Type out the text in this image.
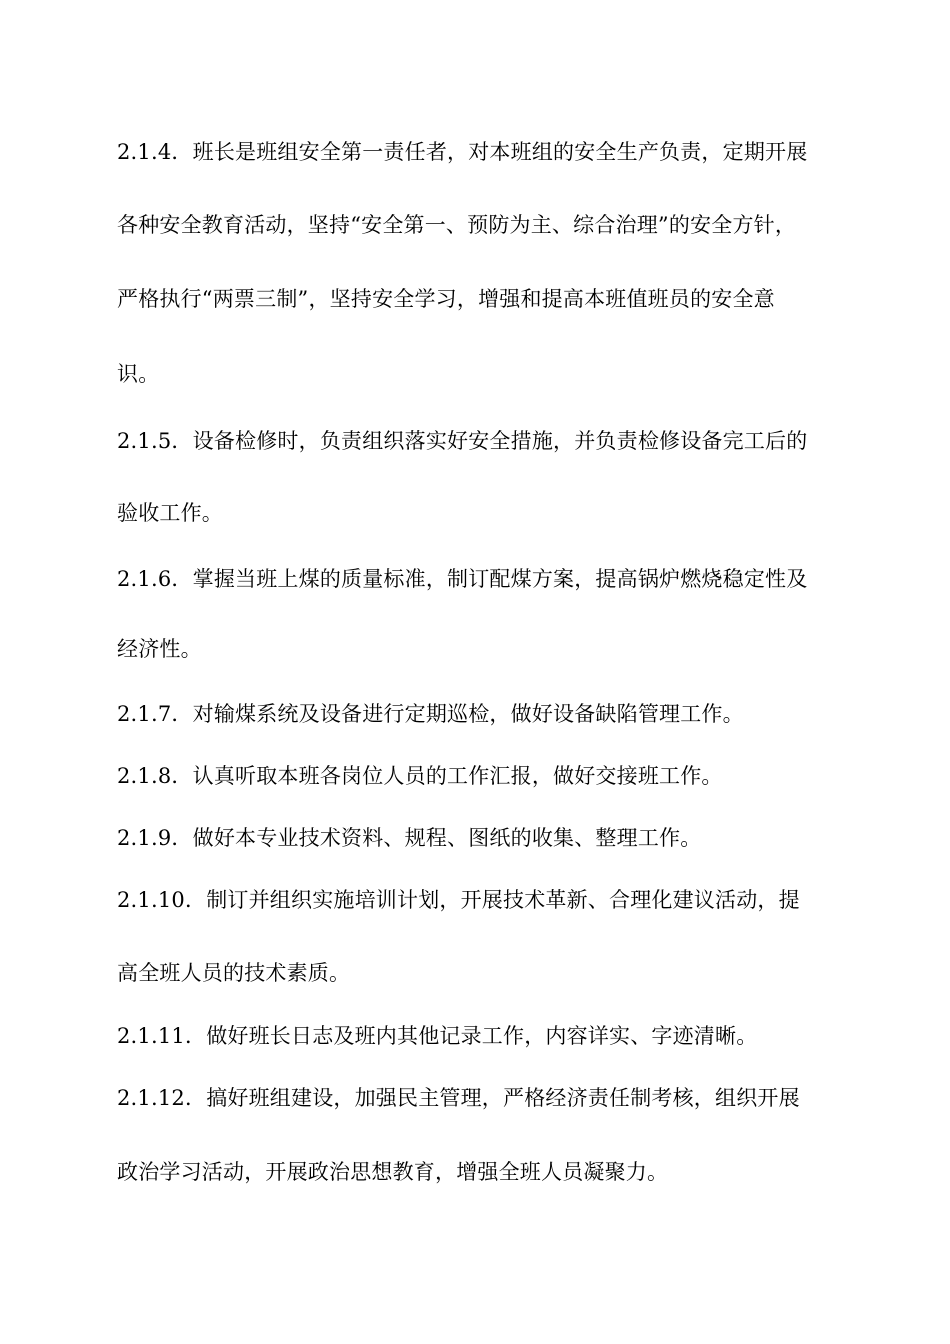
2.1.4．班长是班组安全第一责任者，对本班组的安全生产负责，定期开展
各种安全教育活动，坚持“安全第一、预防为主、综合治理”的安全方针，
严格执行“两票三制”，坚持安全学习，增强和提高本班值班员的安全意
识。
2.1.5．设备检修时，负责组织落实好安全措施，并负责检修设备完工后的
验收工作。
2.1.6．掌握当班上煤的质量标准，制订配煤方案，提高锅炉燃烧稳定性及
经济性。
2.1.7．对输煤系统及设备进行定期巡检，做好设备缺陷管理工作。
2.1.8．认真听取本班各岗位人员的工作汇报，做好交接班工作。
2.1.9．做好本专业技术资料、规程、图纸的收集、整理工作。
2.1.10．制订并组织实施培训计划，开展技术革新、合理化建议活动，提
高全班人员的技术素质。
2.1.11．做好班长日志及班内其他记录工作，内容详实、字迹清晰。
2.1.12．搞好班组建设，加强民主管理，严格经济责任制考核，组织开展
政治学习活动，开展政治思想教育，增强全班人员凝聚力。
